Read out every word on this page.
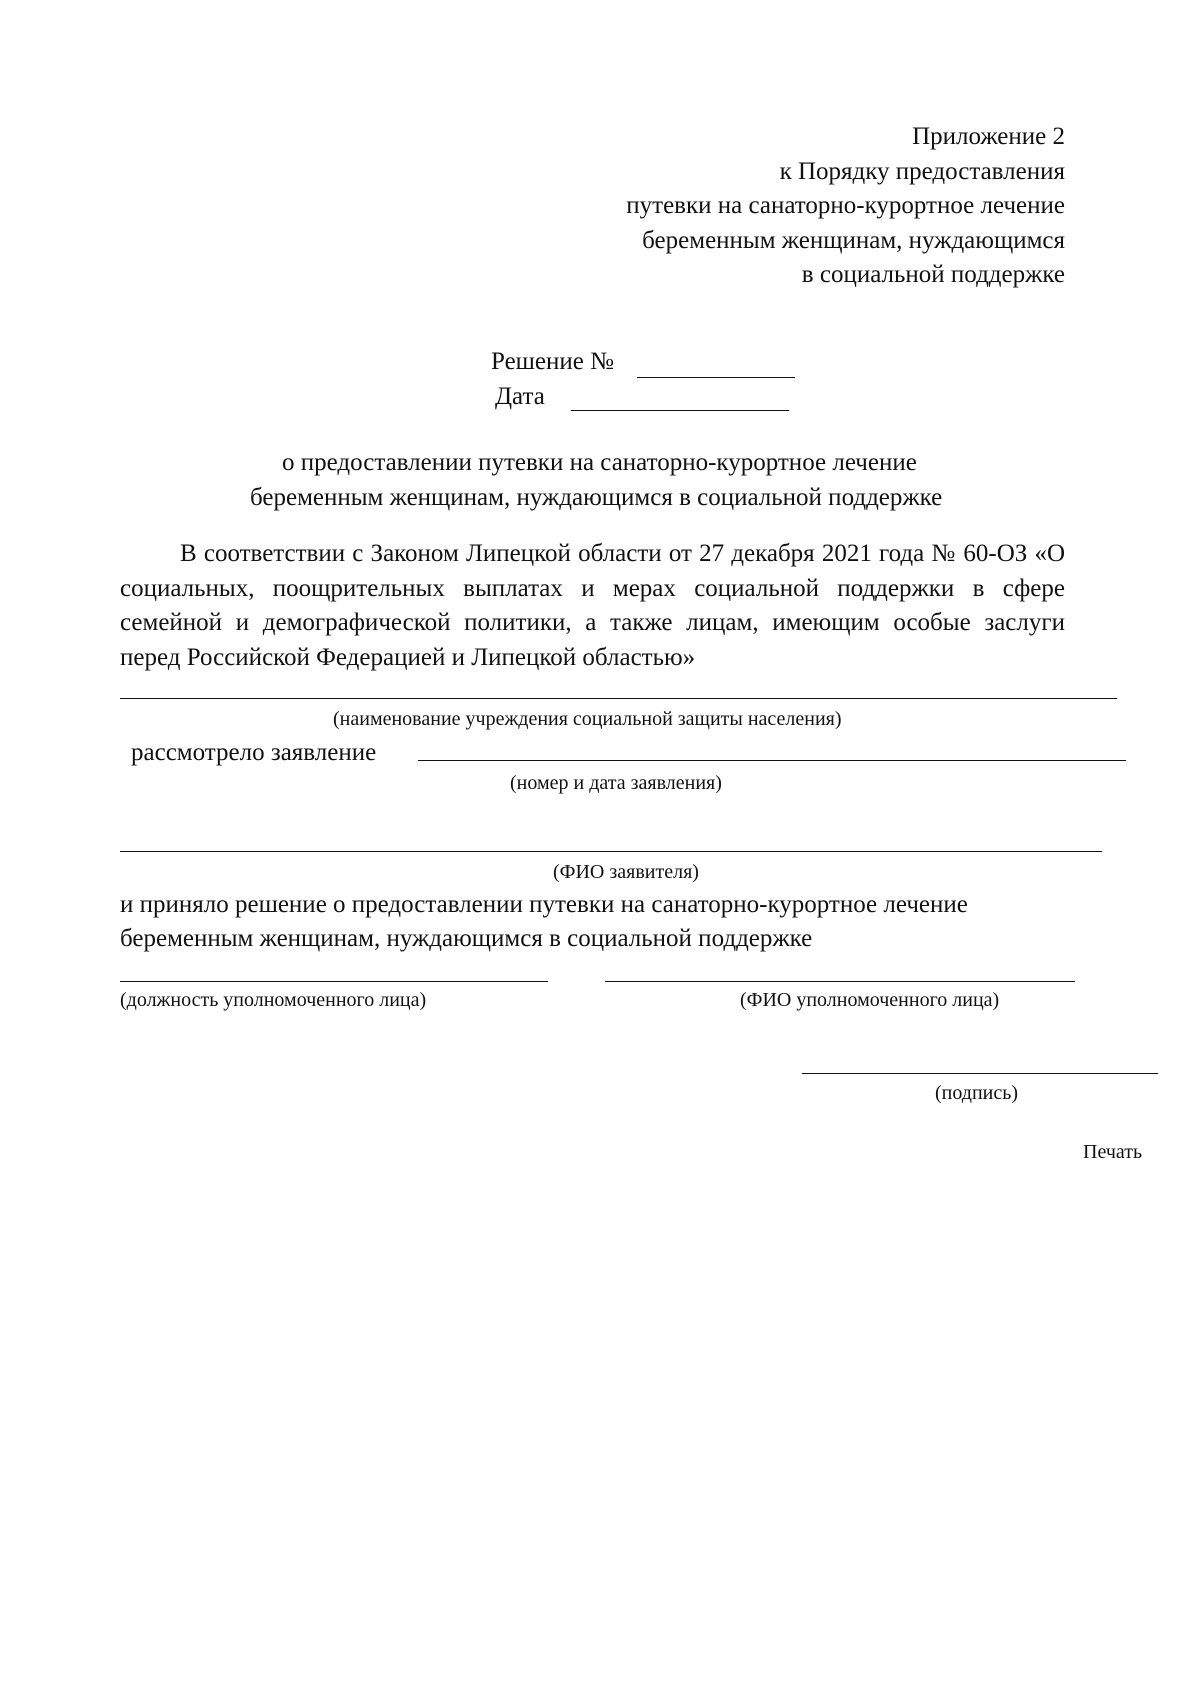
Приложение 2
к Порядку предоставления
путевки на санаторно-курортное лечение
беременным женщинам, нуждающимся
в социальной поддержке
Решение №
Дата
о предоставлении путевки на санаторно-курортное лечение
беременным женщинам, нуждающимся в социальной поддержке
В соответствии с Законом Липецкой области от 27 декабря 2021 года № 60-ОЗ «О социальных, поощрительных выплатах и мерах социальной поддержки в сфере семейной и демографической политики, а также лицам, имеющим особые заслуги перед Российской Федерацией и Липецкой областью»
(наименование учреждения социальной защиты населения)
рассмотрело заявление
(номер и дата заявления)
(ФИО заявителя)
и приняло решение о предоставлении путевки на санаторно-курортное лечение
беременным женщинам, нуждающимся в социальной поддержке
(должность уполномоченного лица)	(ФИО уполномоченного лица)
(подпись)
Печать
